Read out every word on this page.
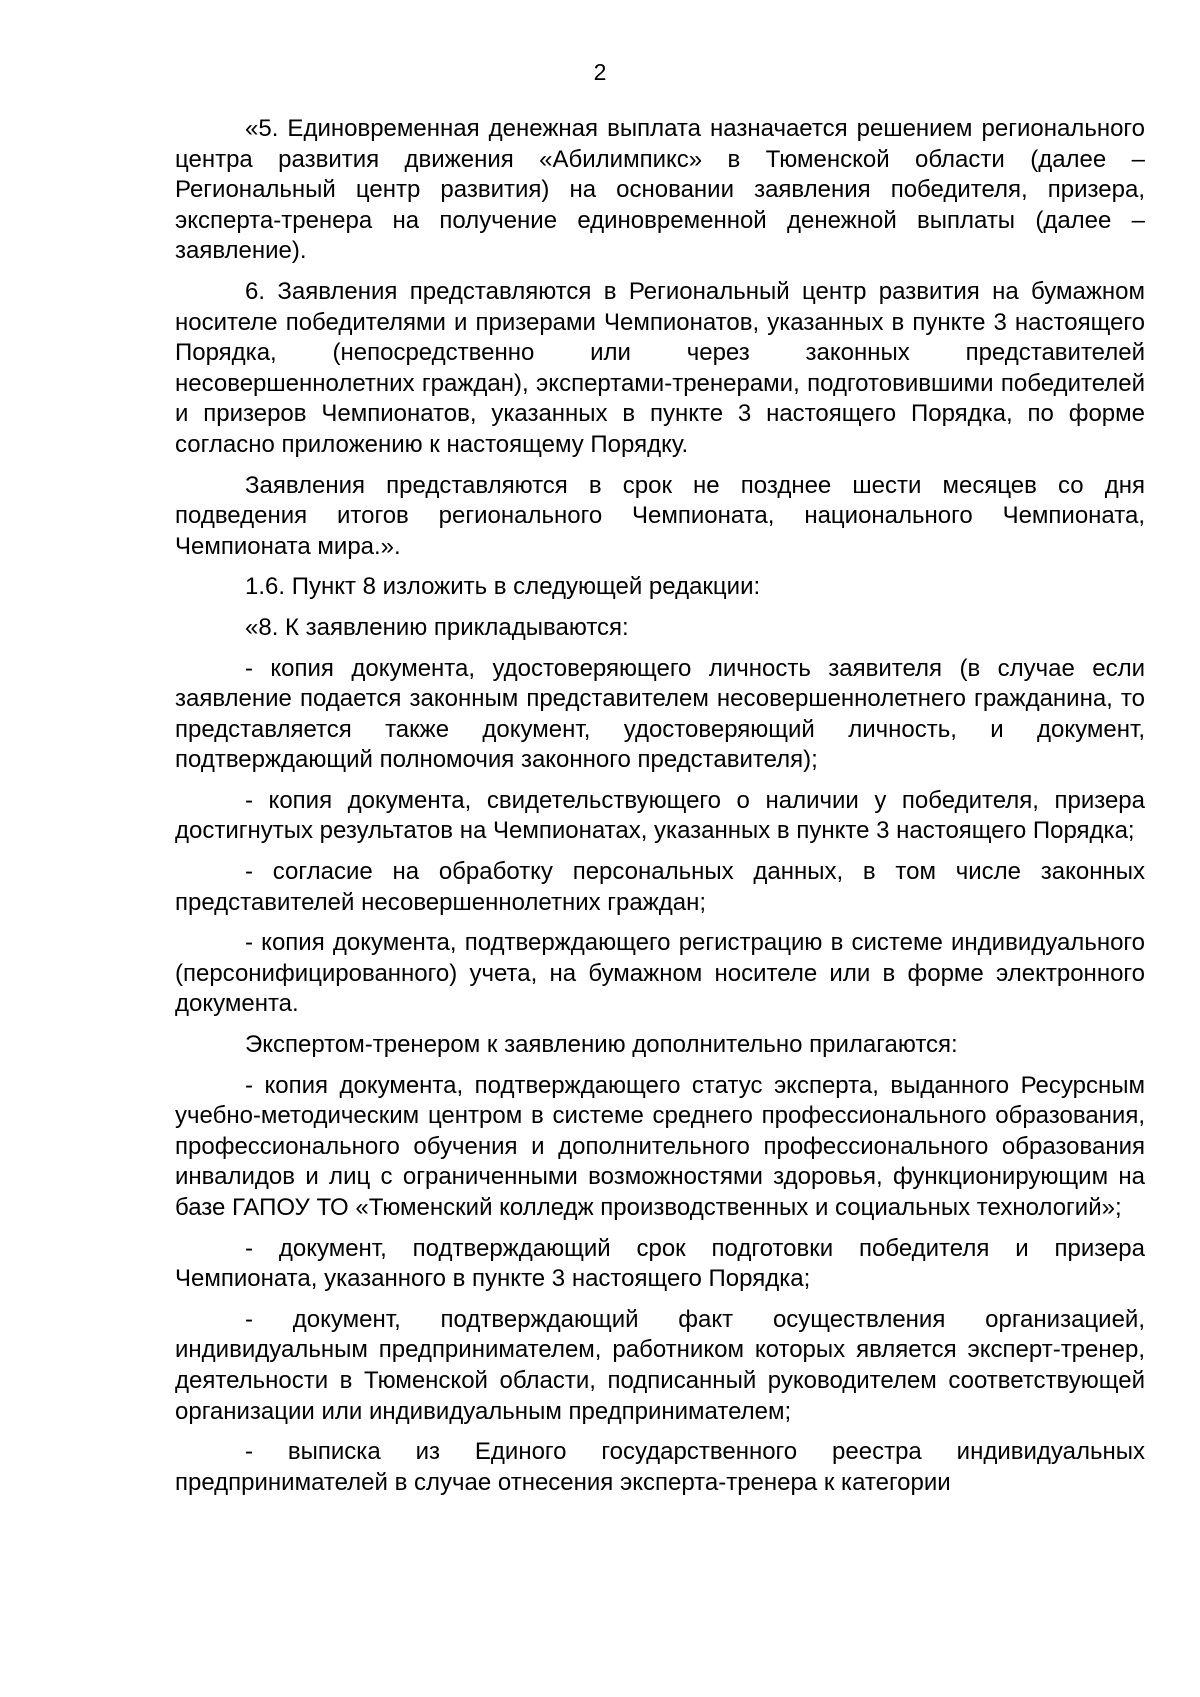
2

«5. Единовременная денежная выплата назначается решением регионального центра развития движения «Абилимпикс» в Тюменской области (далее – Региональный центр развития) на основании заявления победителя, призера, эксперта-тренера на получение единовременной денежной выплаты (далее – заявление).

6. Заявления представляются в Региональный центр развития на бумажном носителе победителями и призерами Чемпионатов, указанных в пункте 3 настоящего Порядка, (непосредственно или через законных представителей несовершеннолетних граждан), экспертами-тренерами, подготовившими победителей и призеров Чемпионатов, указанных в пункте 3 настоящего Порядка, по форме согласно приложению к настоящему Порядку.

Заявления представляются в срок не позднее шести месяцев со дня подведения итогов регионального Чемпионата, национального Чемпионата, Чемпионата мира.».

1.6. Пункт 8 изложить в следующей редакции:

«8. К заявлению прикладываются:

- копия документа, удостоверяющего личность заявителя (в случае если заявление подается законным представителем несовершеннолетнего гражданина, то представляется также документ, удостоверяющий личность, и документ, подтверждающий полномочия законного представителя);

- копия документа, свидетельствующего о наличии у победителя, призера достигнутых результатов на Чемпионатах, указанных в пункте 3 настоящего Порядка;

- согласие на обработку персональных данных, в том числе законных представителей несовершеннолетних граждан;

- копия документа, подтверждающего регистрацию в системе индивидуального (персонифицированного) учета, на бумажном носителе или в форме электронного документа.

Экспертом-тренером к заявлению дополнительно прилагаются:

- копия документа, подтверждающего статус эксперта, выданного Ресурсным учебно-методическим центром в системе среднего профессионального образования, профессионального обучения и дополнительного профессионального образования инвалидов и лиц с ограниченными возможностями здоровья, функционирующим на базе ГАПОУ ТО «Тюменский колледж производственных и социальных технологий»;

- документ, подтверждающий срок подготовки победителя и призера Чемпионата, указанного в пункте 3 настоящего Порядка;

- документ, подтверждающий факт осуществления организацией, индивидуальным предпринимателем, работником которых является эксперт-тренер, деятельности в Тюменской области, подписанный руководителем соответствующей организации или индивидуальным предпринимателем;

- выписка из Единого государственного реестра индивидуальных предпринимателей в случае отнесения эксперта-тренера к категории
